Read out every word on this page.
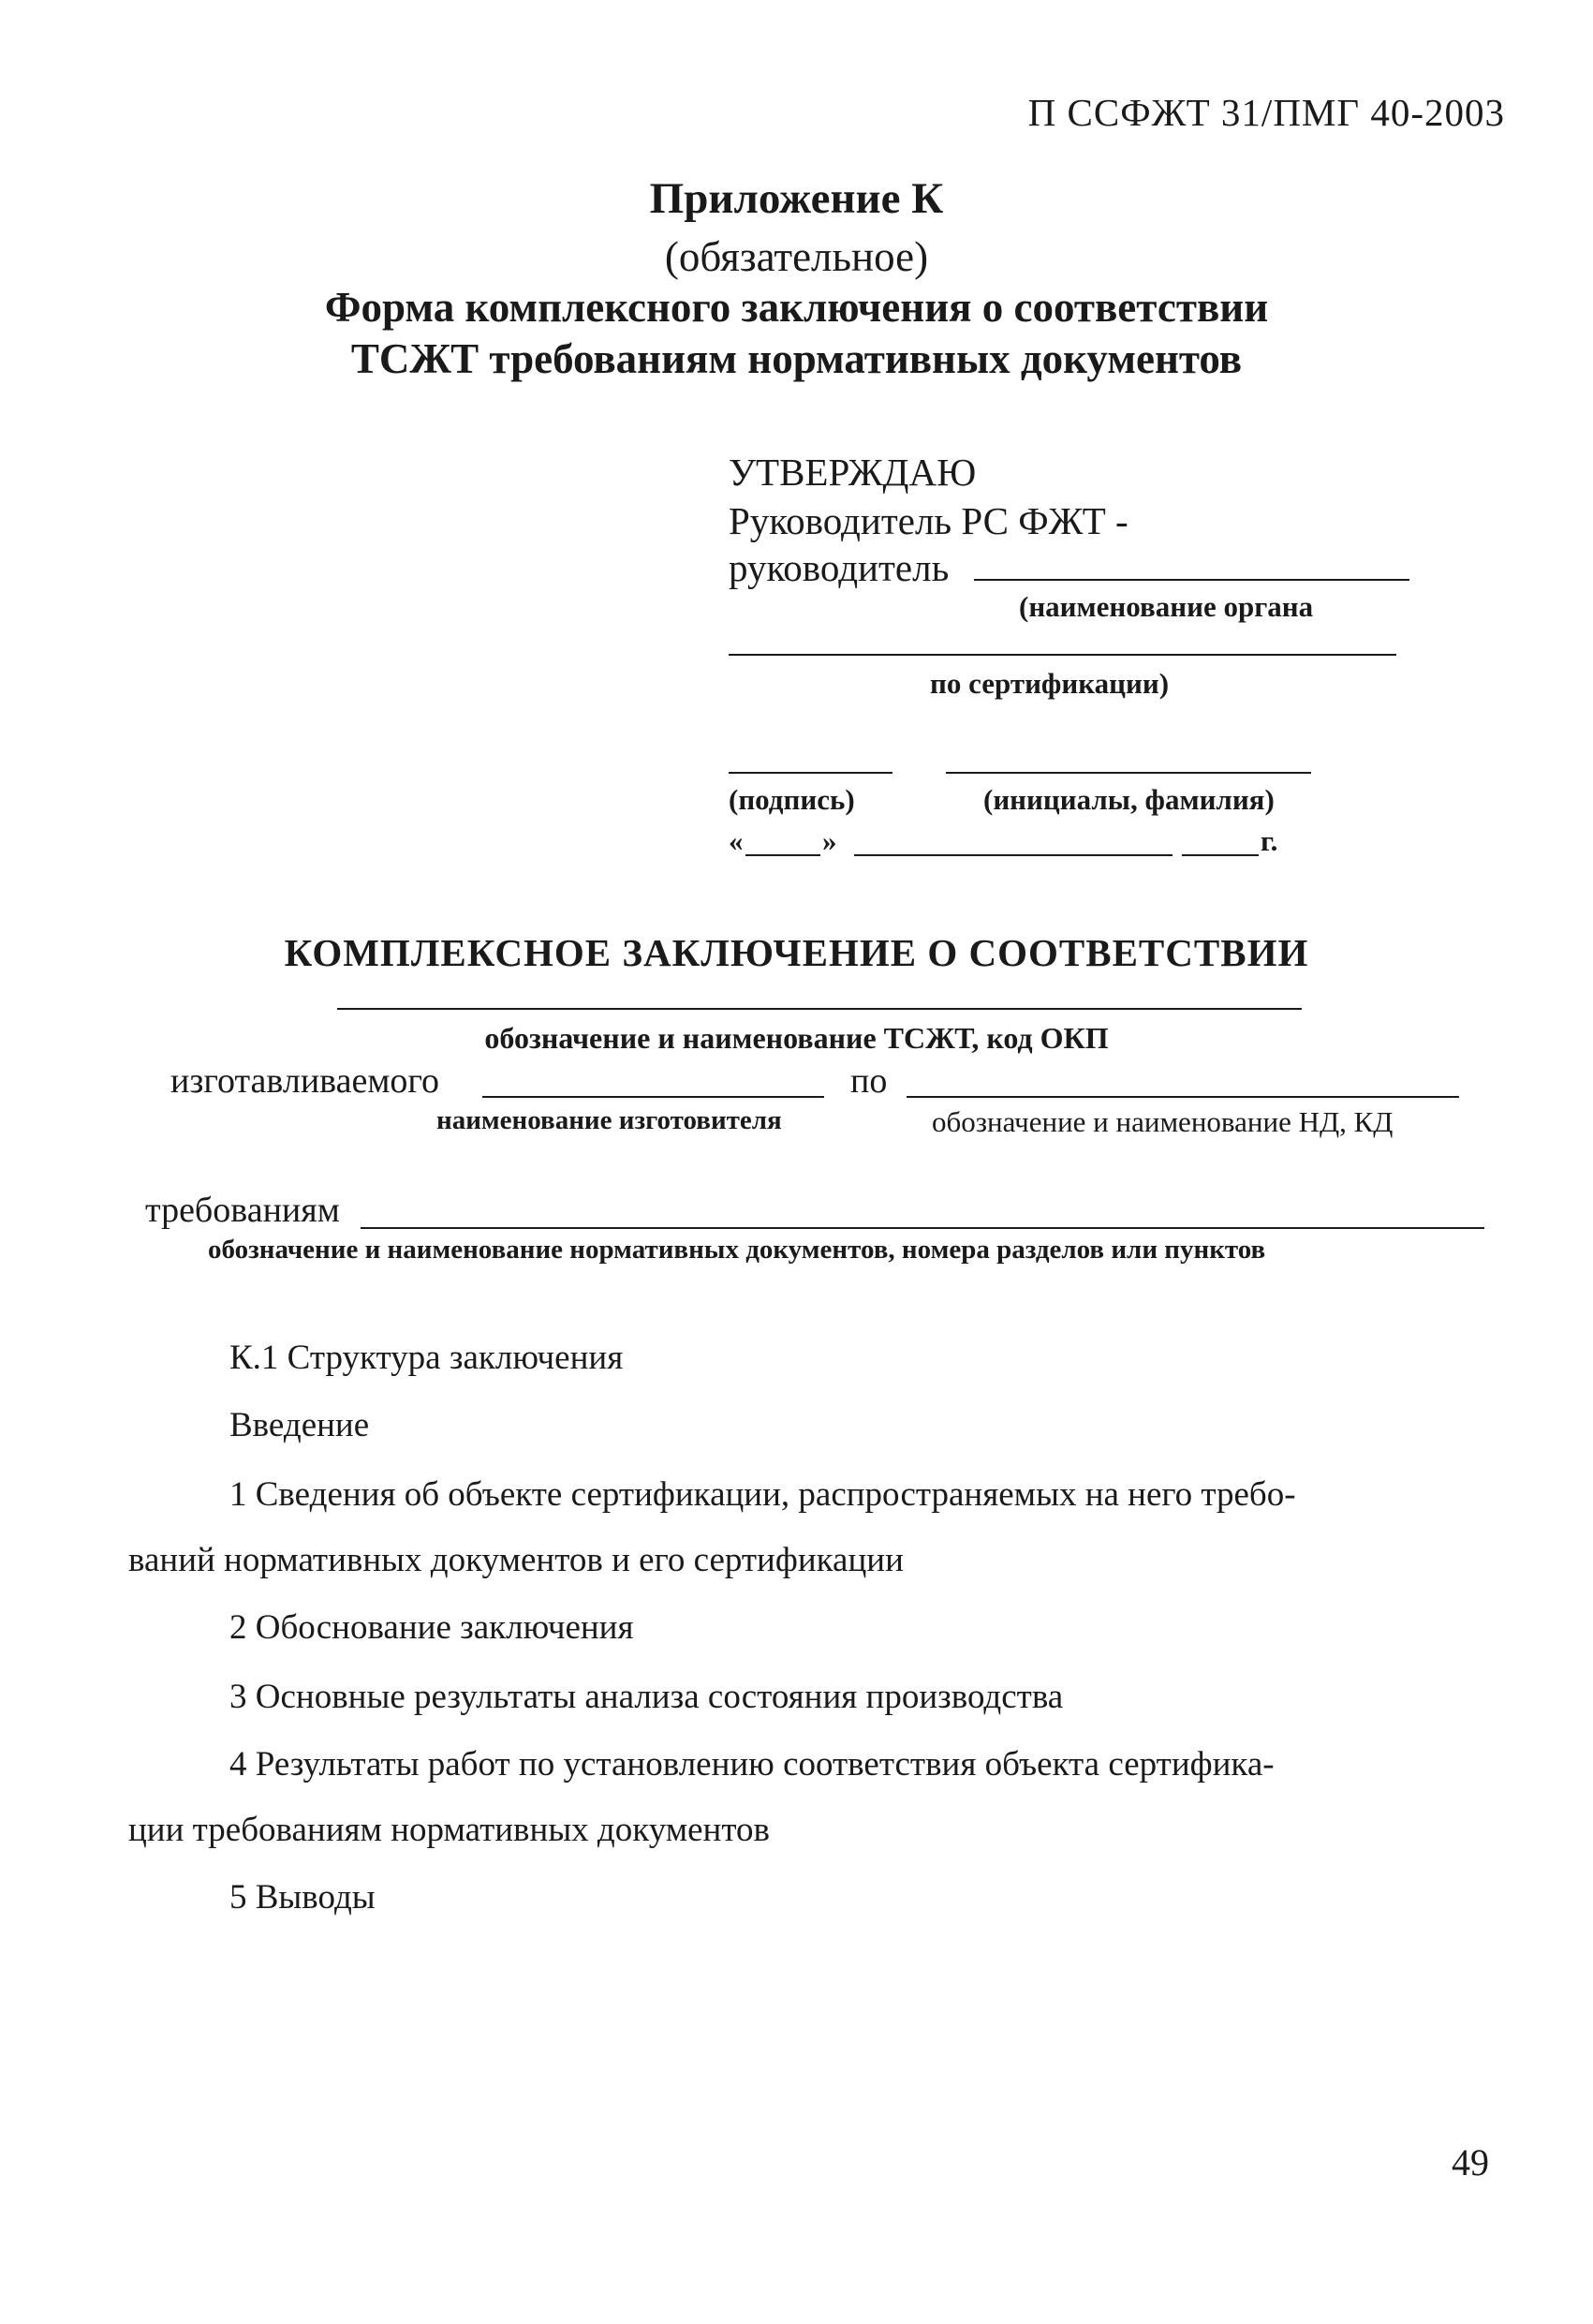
П ССФЖТ 31/ПМГ 40-2003
Приложение К
(обязательное)
Форма комплексного заключения о соответствии
ТСЖТ требованиям нормативных документов
УТВЕРЖДАЮ
Руководитель РС ФЖТ -
руководитель
(наименование органа
по сертификации)
(подпись)	(инициалы, фамилия)
«	»	г.
КОМПЛЕКСНОЕ ЗАКЛЮЧЕНИЕ О СООТВЕТСТВИИ
обозначение и наименование ТСЖТ, код ОКП
изготавливаемого	по
наименование изготовителя	обозначение и наименование НД, КД
требованиям
обозначение и наименование нормативных документов, номера разделов или пунктов
К.1 Структура заключения
Введение
1 Сведения об объекте сертификации, распространяемых на него требо-
ваний нормативных документов и его сертификации
2 Обоснование заключения
3 Основные результаты анализа состояния производства
4 Результаты работ по установлению соответствия объекта сертифика-
ции требованиям нормативных документов
5 Выводы
49
